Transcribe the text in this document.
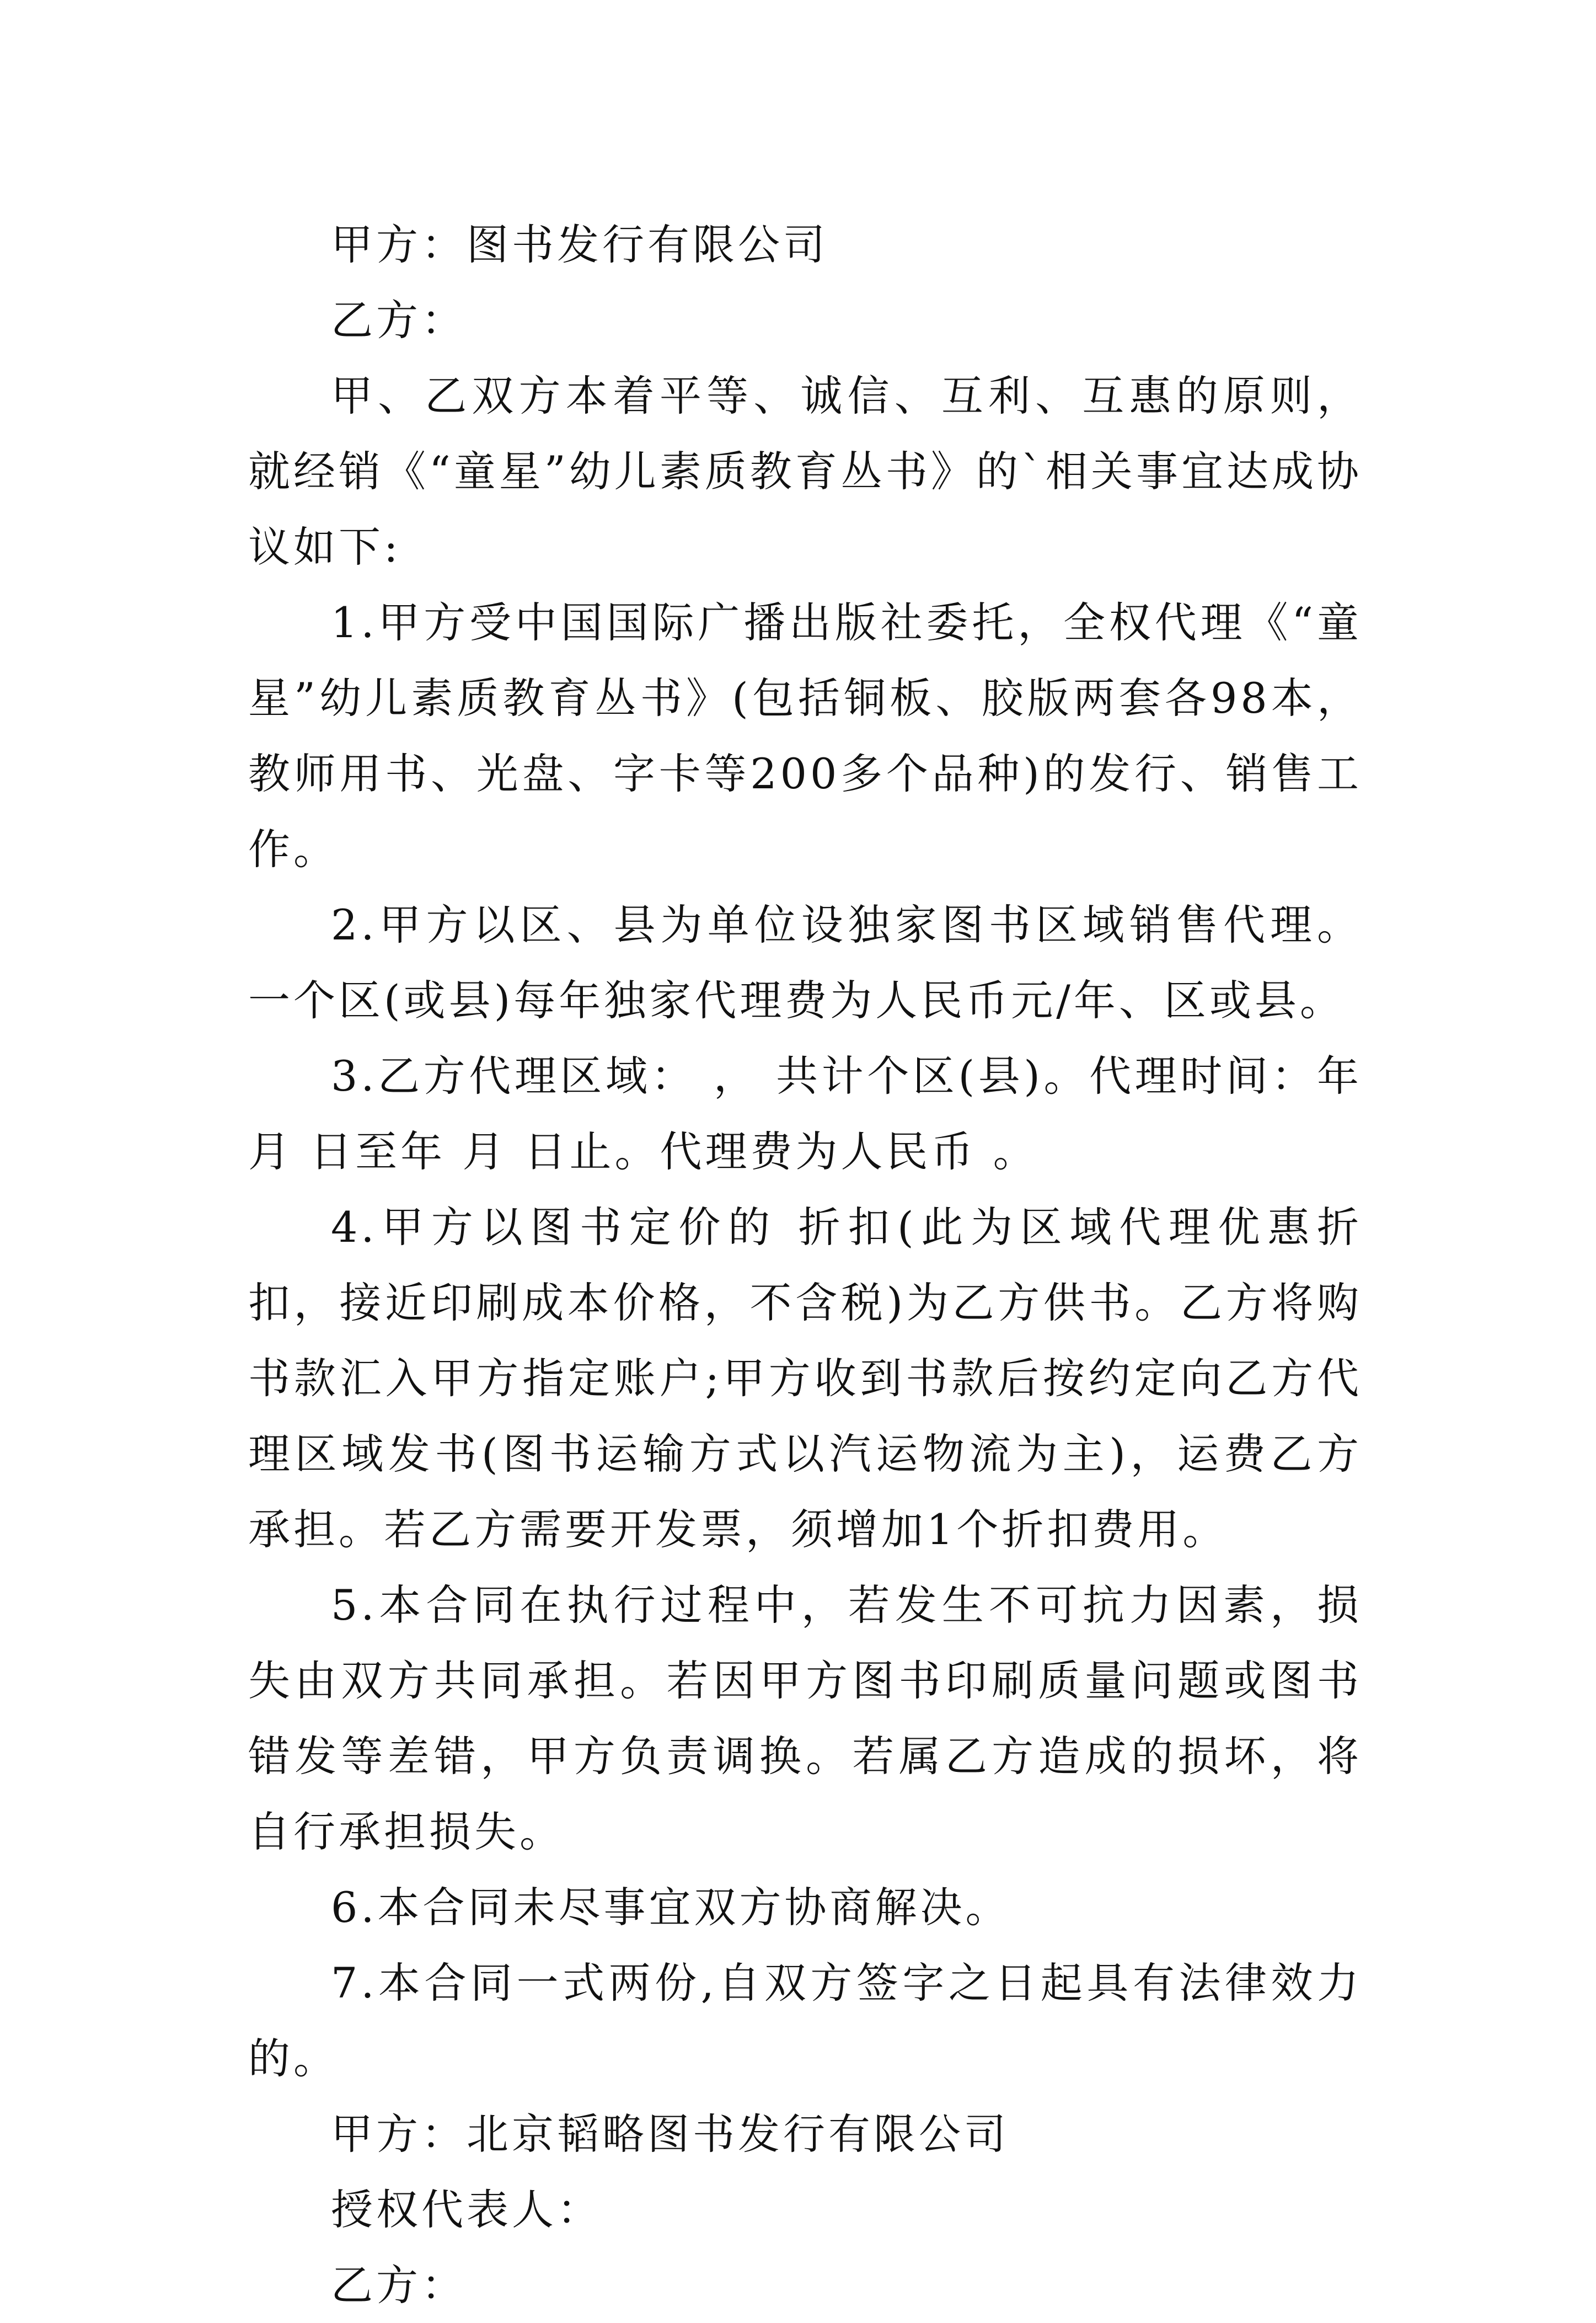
甲方：图书发行有限公司
乙方：
甲、乙双方本着平等、诚信、互利、互惠的原则，就经销《“童星”幼儿素质教育丛书》的`相关事宜达成协议如下:
1.甲方受中国国际广播出版社委托，全权代理《“童星”幼儿素质教育丛书》(包括铜板、胶版两套各98本，教师用书、光盘、字卡等200多个品种)的发行、销售工作。
2.甲方以区、县为单位设独家图书区域销售代理。一个区(或县)每年独家代理费为人民币元/年、区或县。
3.乙方代理区域： ， 共计个区(县)。代理时间：年 月 日至年 月 日止。代理费为人民币 。
4.甲方以图书定价的 折扣(此为区域代理优惠折扣，接近印刷成本价格，不含税)为乙方供书。乙方将购书款汇入甲方指定账户;甲方收到书款后按约定向乙方代理区域发书(图书运输方式以汽运物流为主)，运费乙方承担。若乙方需要开发票，须增加1个折扣费用。
5.本合同在执行过程中，若发生不可抗力因素，损失由双方共同承担。若因甲方图书印刷质量问题或图书错发等差错，甲方负责调换。若属乙方造成的损坏，将自行承担损失。
6.本合同未尽事宜双方协商解决。
7.本合同一式两份,自双方签字之日起具有法律效力的。
甲方：北京韬略图书发行有限公司
授权代表人：
乙方：
